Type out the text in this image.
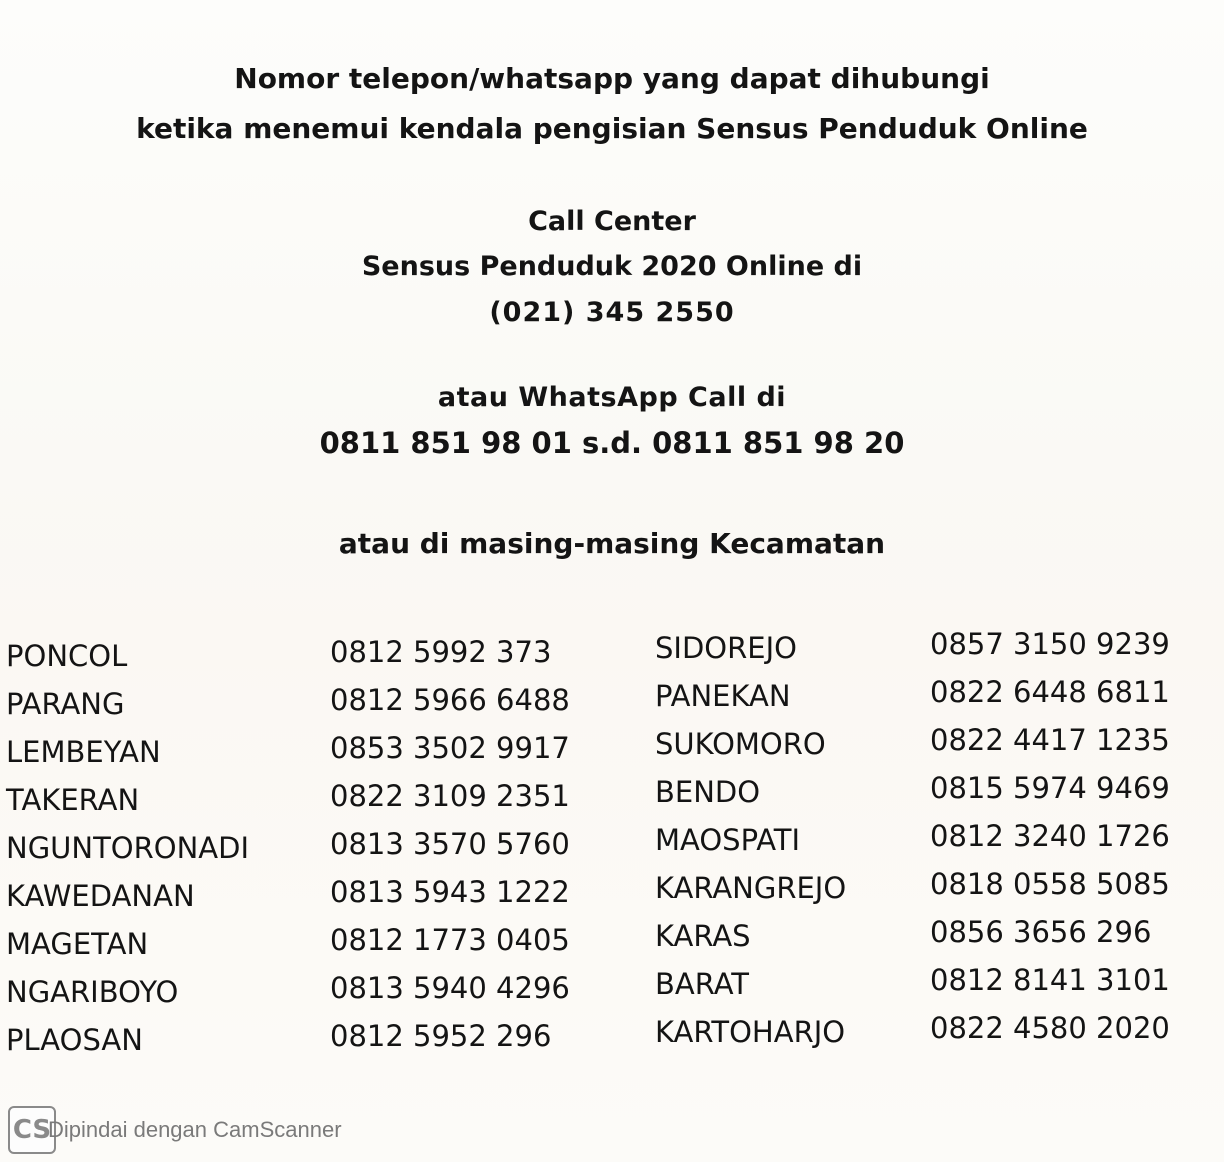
Nomor telepon/whatsapp yang dapat dihubungi
ketika menemui kendala pengisian Sensus Penduduk Online
Call Center
Sensus Penduduk 2020 Online di
(021) 345 2550
atau WhatsApp Call di
0811 851 98 01 s.d. 0811 851 98 20
atau di masing-masing Kecamatan
PONCOL
PARANG
LEMBEYAN
TAKERAN
NGUNTORONADI
KAWEDANAN
MAGETAN
NGARIBOYO
PLAOSAN
0812 5992 373
0812 5966 6488
0853 3502 9917
0822 3109 2351
0813 3570 5760
0813 5943 1222
0812 1773 0405
0813 5940 4296
0812 5952 296
SIDOREJO
PANEKAN
SUKOMORO
BENDO
MAOSPATI
KARANGREJO
KARAS
BARAT
KARTOHARJO
0857 3150 9239
0822 6448 6811
0822 4417 1235
0815 5974 9469
0812 3240 1726
0818 0558 5085
0856 3656 296
0812 8141 3101
0822 4580 2020
CS
Dipindai dengan CamScanner
